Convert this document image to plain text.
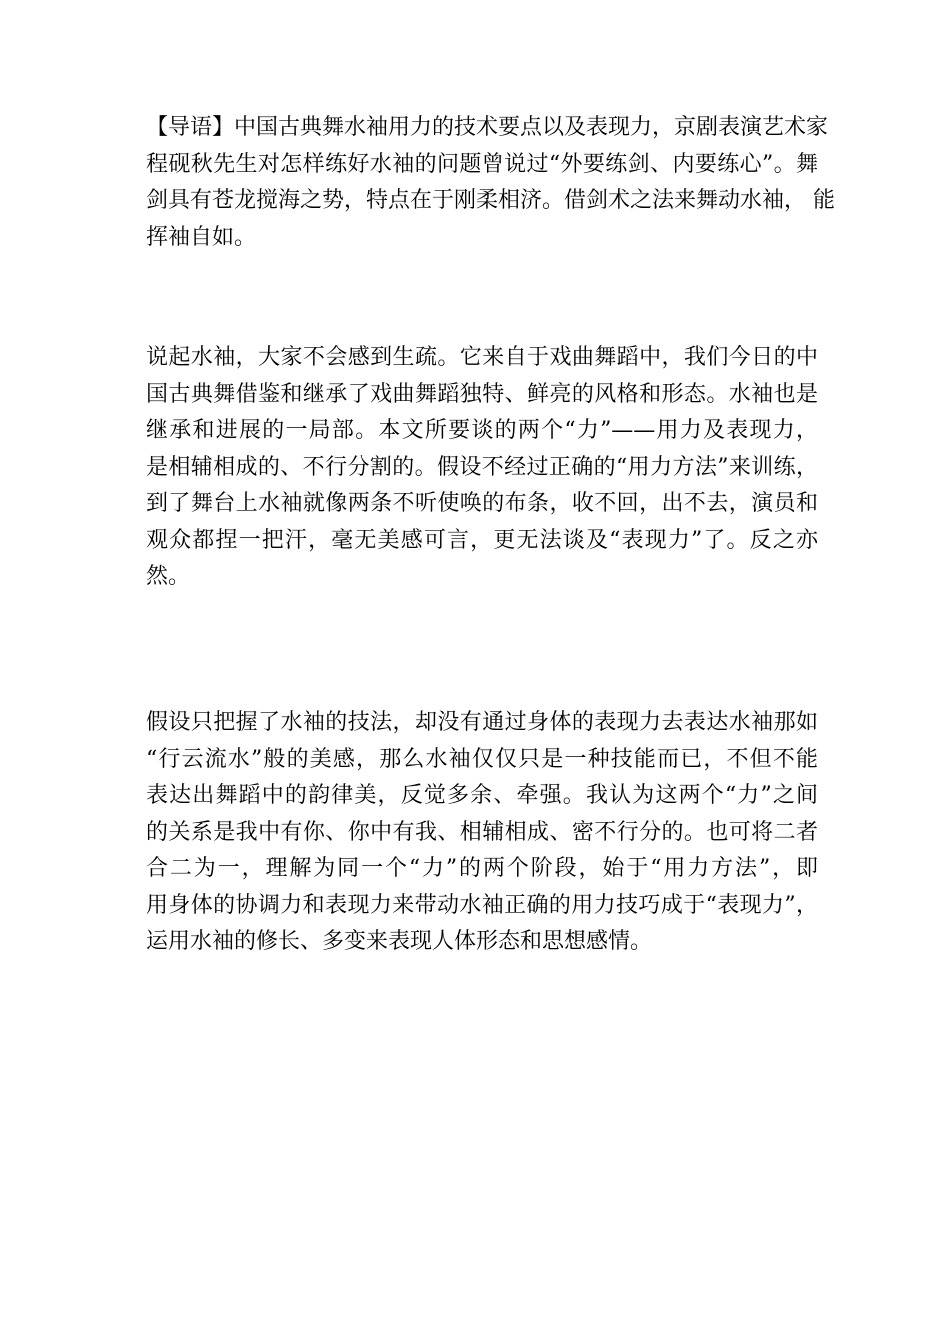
【导语】中国古典舞水袖用力的技术要点以及表现力，京剧表演艺术家
程砚秋先生对怎样练好水袖的问题曾说过“外要练剑、内要练心”。舞
剑具有苍龙搅海之势，特点在于刚柔相济。借剑术之法来舞动水袖， 能
挥袖自如。
说起水袖，大家不会感到生疏。它来自于戏曲舞蹈中，我们今日的中
国古典舞借鉴和继承了戏曲舞蹈独特、鲜亮的风格和形态。水袖也是
继承和进展的一局部。本文所要谈的两个“力”——用力及表现力，
是相辅相成的、不行分割的。假设不经过正确的“用力方法”来训练，
到了舞台上水袖就像两条不听使唤的布条，收不回，出不去，演员和
观众都捏一把汗，毫无美感可言，更无法谈及“表现力”了。反之亦
然。
假设只把握了水袖的技法，却没有通过身体的表现力去表达水袖那如
“行云流水”般的美感，那么水袖仅仅只是一种技能而已，不但不能
表达出舞蹈中的韵律美，反觉多余、牵强。我认为这两个“力”之间
的关系是我中有你、你中有我、相辅相成、密不行分的。也可将二者
合二为一，理解为同一个“力”的两个阶段，始于“用力方法”，即
用身体的协调力和表现力来带动水袖正确的用力技巧成于“表现力”，
运用水袖的修长、多变来表现人体形态和思想感情。
